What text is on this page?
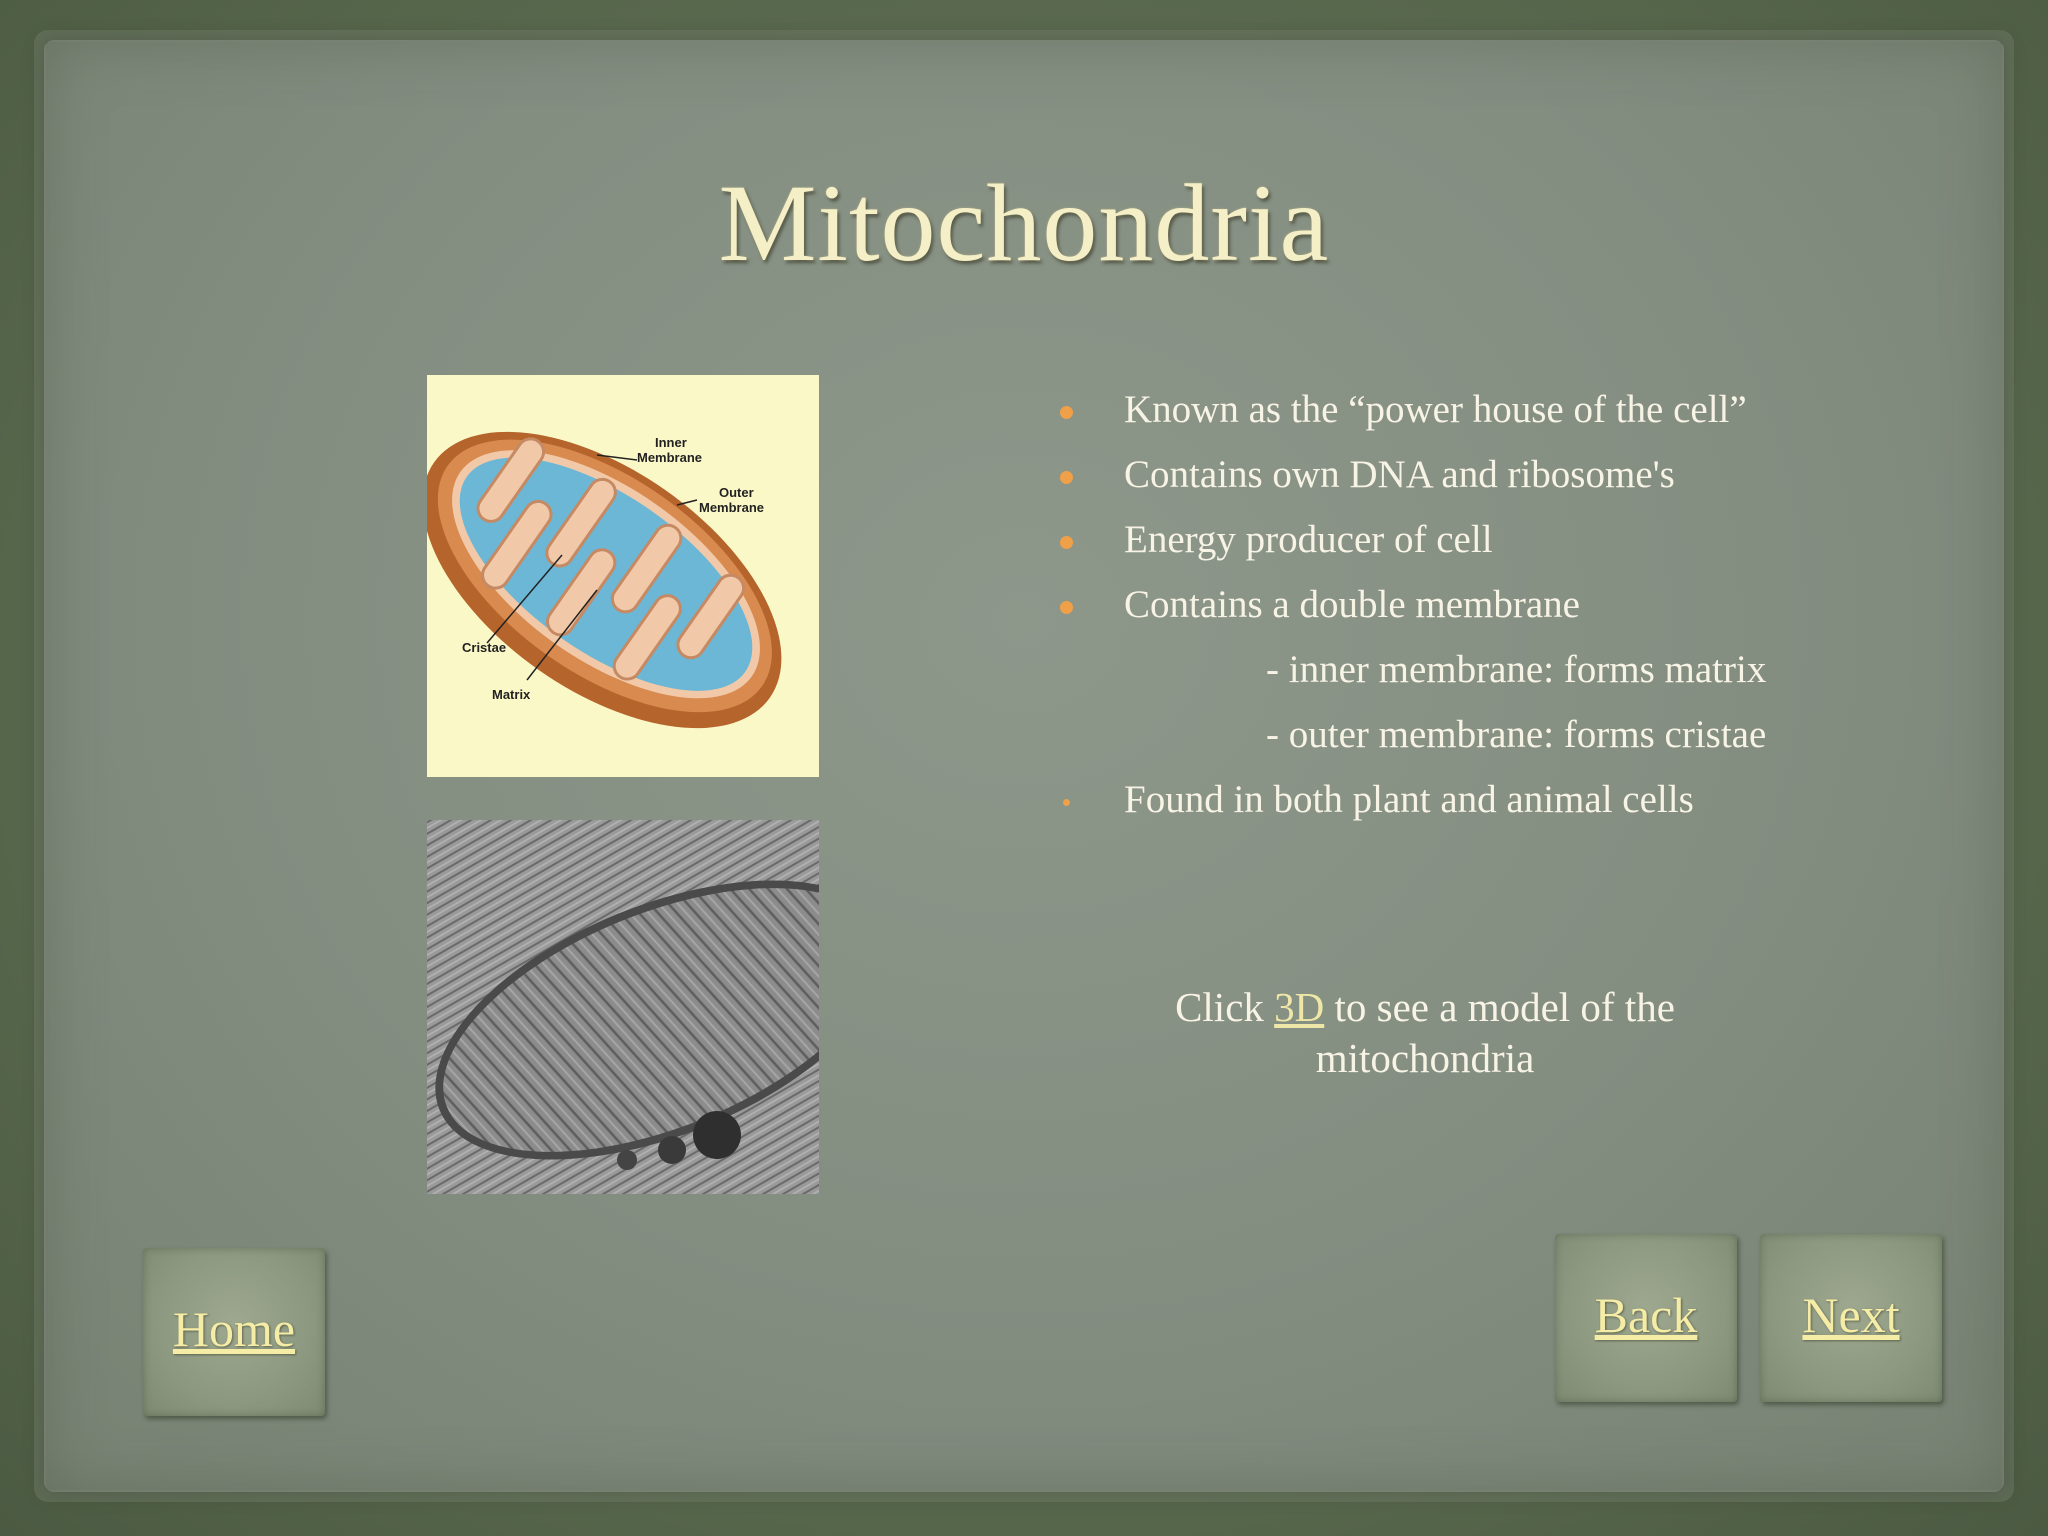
Mitochondria
Inner
Membrane
Outer
Membrane
Cristae
Matrix
Known as the “power house of the cell”
Contains own DNA and ribosome's
Energy producer of cell
Contains a double membrane
- inner membrane: forms matrix
- outer membrane: forms cristae
Found in both plant and animal cells
Click 3D to see a model of the mitochondria
Home	Back	Next
